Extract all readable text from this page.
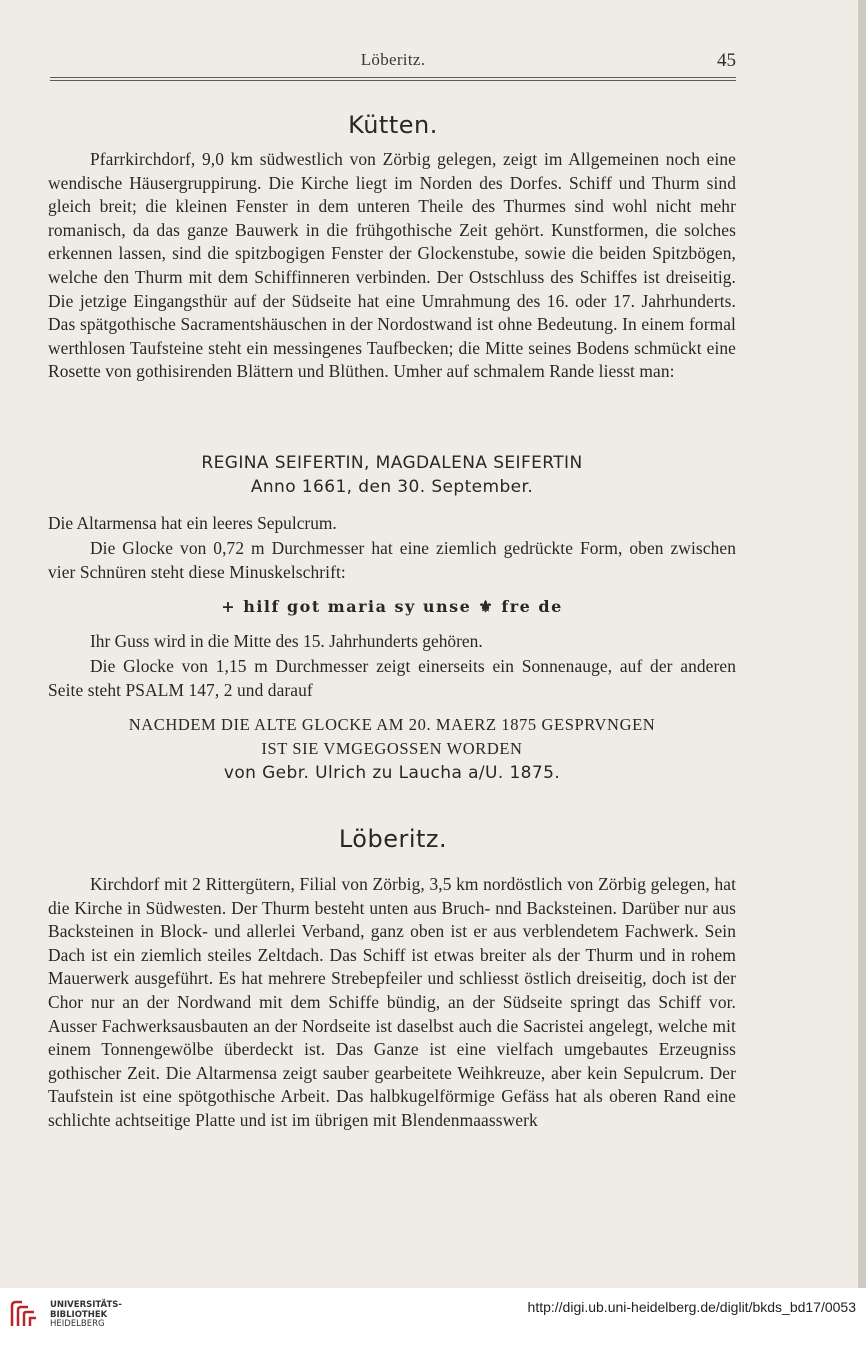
Löberitz.	45
Kütten.
Pfarrkirchdorf, 9,0 km südwestlich von Zörbig gelegen, zeigt im Allgemeinen noch eine wendische Häusergruppirung. Die Kirche liegt im Norden des Dorfes. Schiff und Thurm sind gleich breit; die kleinen Fenster in dem unteren Theile des Thurmes sind wohl nicht mehr romanisch, da das ganze Bauwerk in die frühgothische Zeit gehört. Kunstformen, die solches erkennen lassen, sind die spitzbogigen Fenster der Glockenstube, sowie die beiden Spitzbögen, welche den Thurm mit dem Schiffinneren verbinden. Der Ostschluss des Schiffes ist dreiseitig. Die jetzige Eingangsthür auf der Südseite hat eine Umrahmung des 16. oder 17. Jahrhunderts. Das spätgothische Sacramentshäuschen in der Nordostwand ist ohne Bedeutung. In einem formal werthlosen Taufsteine steht ein messingenes Taufbecken; die Mitte seines Bodens schmückt eine Rosette von gothisirenden Blättern und Blüthen. Umher auf schmalem Rande liesst man:
REGINA SEIFERTIN, MAGDALENA SEIFERTIN
Anno 1661, den 30. September.
Die Altarmensa hat ein leeres Sepulcrum.
Die Glocke von 0,72 m Durchmesser hat eine ziemlich gedrückte Form, oben zwischen vier Schnüren steht diese Minuskelschrift:
+ hilf got maria sy unse ⚜ fre de
Ihr Guss wird in die Mitte des 15. Jahrhunderts gehören.
Die Glocke von 1,15 m Durchmesser zeigt einerseits ein Sonnenauge, auf der anderen Seite steht PSALM 147, 2 und darauf
NACHDEM DIE ALTE GLOCKE AM 20. MAERZ 1875 GESPRVNGEN
IST SIE VMGEGOSSEN WORDEN
von Gebr. Ulrich zu Laucha a/U. 1875.
Löberitz.
Kirchdorf mit 2 Rittergütern, Filial von Zörbig, 3,5 km nordöstlich von Zörbig gelegen, hat die Kirche in Südwesten. Der Thurm besteht unten aus Bruch- nnd Backsteinen. Darüber nur aus Backsteinen in Block- und allerlei Verband, ganz oben ist er aus verblendetem Fachwerk. Sein Dach ist ein ziemlich steiles Zeltdach. Das Schiff ist etwas breiter als der Thurm und in rohem Mauerwerk ausgeführt. Es hat mehrere Strebepfeiler und schliesst östlich dreiseitig, doch ist der Chor nur an der Nordwand mit dem Schiffe bündig, an der Südseite springt das Schiff vor. Ausser Fachwerksausbauten an der Nordseite ist daselbst auch die Sacristei angelegt, welche mit einem Tonnengewölbe überdeckt ist. Das Ganze ist eine vielfach umgebautes Erzeugniss gothischer Zeit. Die Altarmensa zeigt sauber gearbeitete Weihkreuze, aber kein Sepulcrum. Der Taufstein ist eine spötgothische Arbeit. Das halbkugelförmige Gefäss hat als oberen Rand eine schlichte achtseitige Platte und ist im übrigen mit Blendenmaasswerk
UNIVERSITÄTS-
BIBLIOTHEK
HEIDELBERG
http://digi.ub.uni-heidelberg.de/diglit/bkds_bd17/0053
